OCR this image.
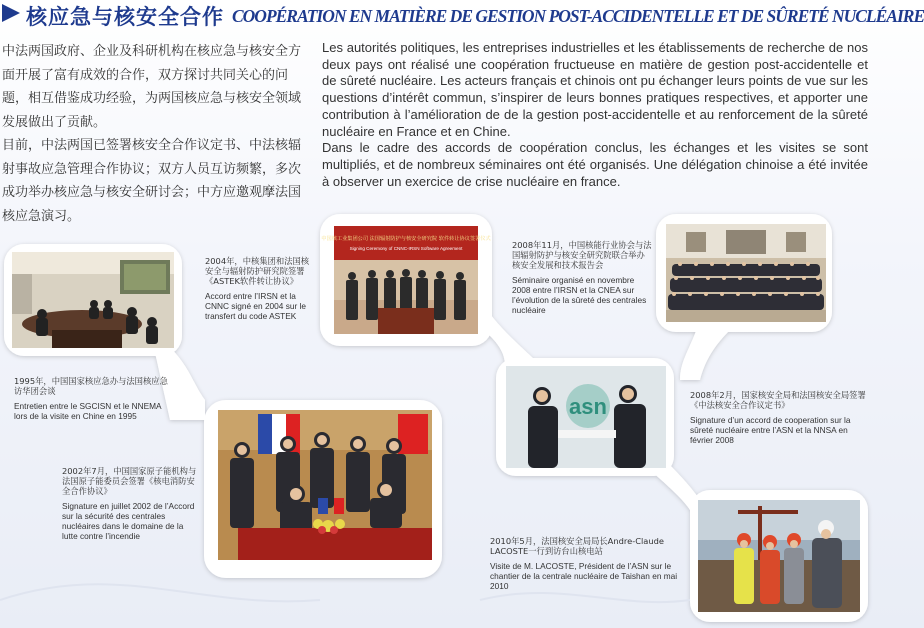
核应急与核安全合作 COOPÉRATION EN MATIÈRE DE GESTION POST-ACCIDENTELLE ET DE SÛRETÉ NUCLÉAIRE

中法两国政府、企业及科研机构在核应急与核安全方面开展了富有成效的合作，双方探讨共同关心的问题，相互借鉴成功经验，为两国核应急与核安全领域发展做出了贡献。

目前，中法两国已签署核安全合作议定书、中法核辐射事故应急管理合作协议；双方人员互访频繁，多次成功举办核应急与核安全研讨会；中方应邀观摩法国核应急演习。

Les autorités politiques, les entreprises industrielles et les établissements de recherche de nos deux pays ont réalisé une coopération fructueuse en matière de gestion post-accidentelle et de sûreté nucléaire. Les acteurs français et chinois ont pu échanger leurs points de vue sur les questions d’intérêt commun, s’inspirer de leurs bonnes pratiques respectives, et apporter une contribution à l’amélioration de de la gestion post-accidentelle et au renforcement de la sûreté nucléaire en France et en Chine.

Dans le cadre des accords de coopération conclus, les échanges et les visites se sont multipliés, et de nombreux séminaires ont été organisés. Une délégation chinoise a été invitée à observer un exercice de crise nucléaire en france.

1995年，中国国家核应急办与法国核应急访华团会谈
Entretien entre le SGCISN et le NNEMA lors de la visite en Chine en 1995
2004年，中核集团和法国核安全与辐射防护研究院签署《ASTEK软件转让协议》
Accord entre l’IRSN et la CNNC signé en 2004 sur le transfert du code ASTEK
中国核工业集团公司 法国辐射防护与核安全研究院 软件转让协议签署仪式
Signing Ceremony of CNNC-IRSN Software Agreement	2008年11月，中国核能行业协会与法国辐射防护与核安全研究院联合举办核安全发展和技术报告会
Séminaire organisé en novembre 2008 entre l’IRSN et la CNEA sur l’évolution de la sûreté des centrales nucléaire
2002年7月，中国国家原子能机构与法国原子能委员会签署《核电消防安全合作协议》
Signature en juillet 2002 de l’Accord sur la sécurité des centrales nucléaires dans le domaine de la lutte contre l’incendie
asn	2008年2月，国家核安全局和法国核安全局签署《中法核安全合作议定书》
Signature d’un accord de cooperation sur la sûreté nucléaire entre l’ASN et la NNSA en février 2008
2010年5月，法国核安全局局长Andre-Claude LACOSTE一行到访台山核电站
Visite de M. LACOSTE, Président de l’ASN sur le chantier de la centrale nucléaire de Taishan en mai 2010
